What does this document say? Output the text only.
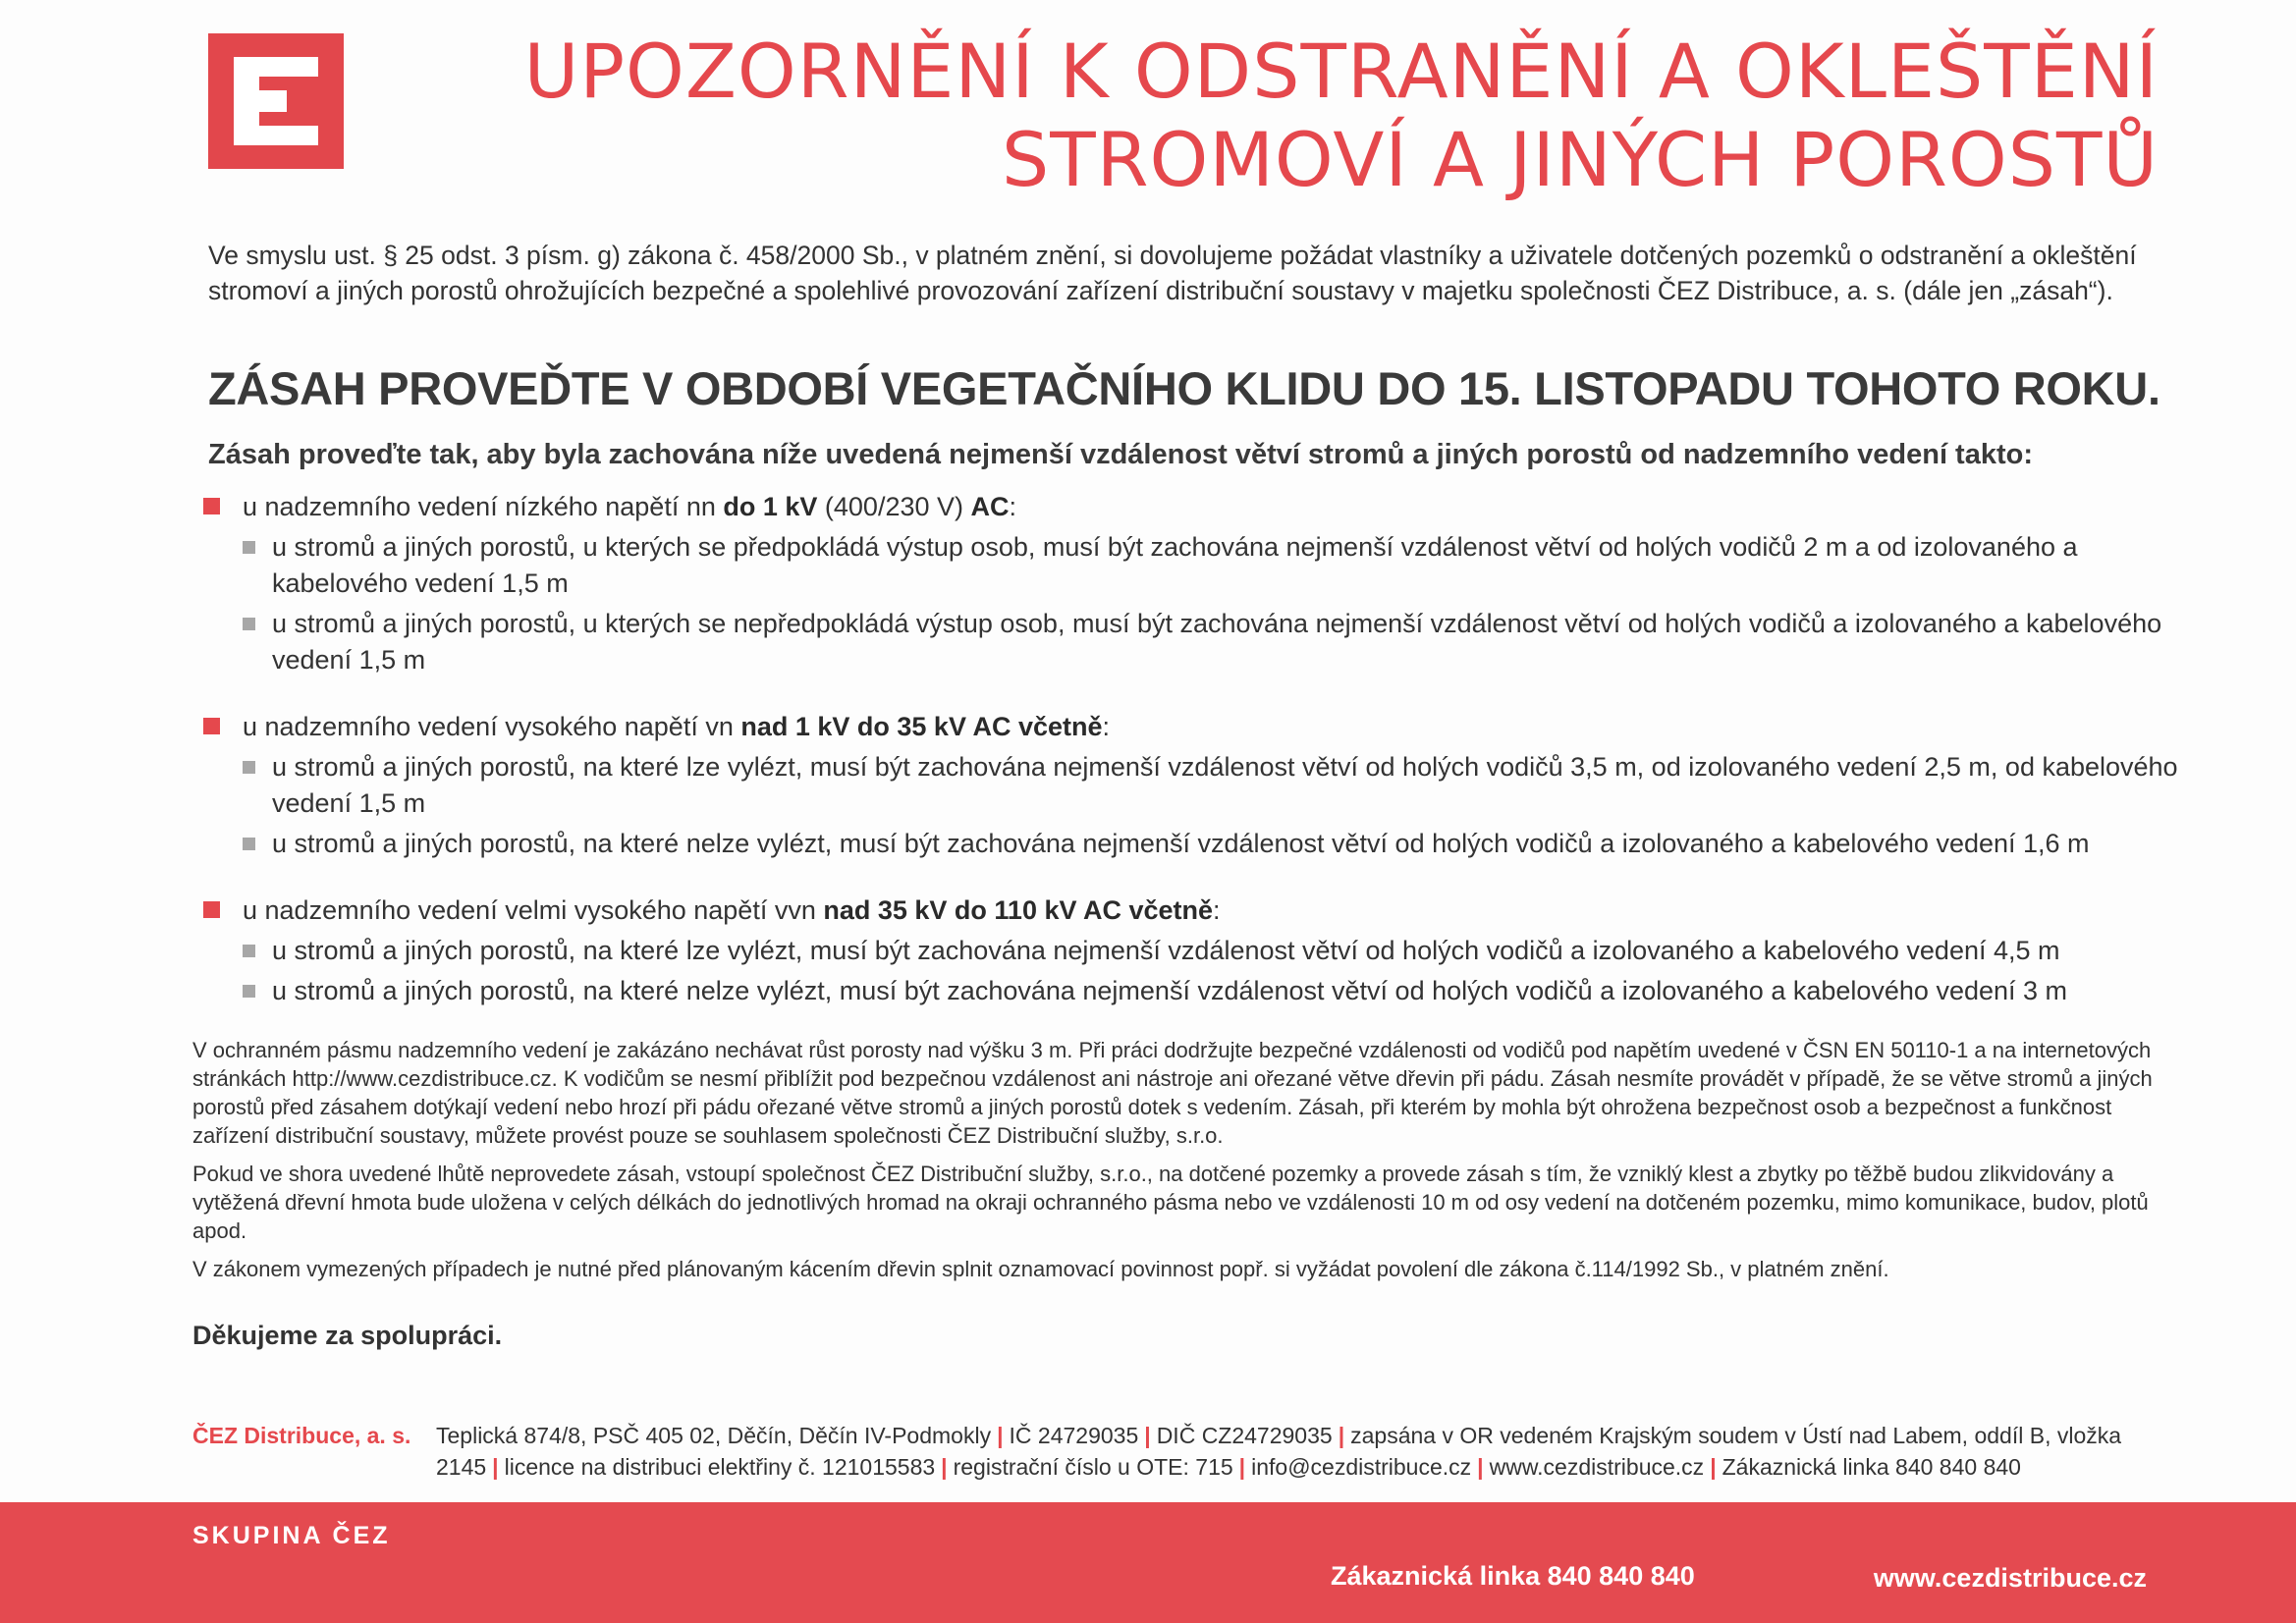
UPOZORNĚNÍ K ODSTRANĚNÍ A OKLEŠTĚNÍ
STROMOVÍ A JINÝCH POROSTŮ
Ve smyslu ust. § 25 odst. 3 písm. g) zákona č. 458/2000 Sb., v platném znění, si dovolujeme požádat vlastníky a uživatele dotčených pozemků o odstranění a okleštění stromoví a jiných porostů ohrožujících bezpečné a spolehlivé provozování zařízení distribuční soustavy v majetku společnosti ČEZ Distribuce, a. s. (dále jen „zásah“).
ZÁSAH PROVEĎTE V OBDOBÍ VEGETAČNÍHO KLIDU DO 15. LISTOPADU TOHOTO ROKU.
Zásah proveďte tak, aby byla zachována níže uvedená nejmenší vzdálenost větví stromů a jiných porostů od nadzemního vedení takto:
u nadzemního vedení nízkého napětí nn do 1 kV (400/230 V) AC:
u stromů a jiných porostů, u kterých se předpokládá výstup osob, musí být zachována nejmenší vzdálenost větví od holých vodičů 2 m a od izolovaného a kabelového vedení 1,5 m
u stromů a jiných porostů, u kterých se nepředpokládá výstup osob, musí být zachována nejmenší vzdálenost větví od holých vodičů a izolovaného a kabelového vedení 1,5 m
u nadzemního vedení vysokého napětí vn nad 1 kV do 35 kV AC včetně:
u stromů a jiných porostů, na které lze vylézt, musí být zachována nejmenší vzdálenost větví od holých vodičů 3,5 m, od izolovaného vedení 2,5 m, od kabelového vedení 1,5 m
u stromů a jiných porostů, na které nelze vylézt, musí být zachována nejmenší vzdálenost větví od holých vodičů a izolovaného a kabelového vedení 1,6 m
u nadzemního vedení velmi vysokého napětí vvn nad 35 kV do 110 kV AC včetně:
u stromů a jiných porostů, na které lze vylézt, musí být zachována nejmenší vzdálenost větví od holých vodičů a izolovaného a kabelového vedení 4,5 m
u stromů a jiných porostů, na které nelze vylézt, musí být zachována nejmenší vzdálenost větví od holých vodičů a izolovaného a kabelového vedení 3 m

V ochranném pásmu nadzemního vedení je zakázáno nechávat růst porosty nad výšku 3 m. Při práci dodržujte bezpečné vzdálenosti od vodičů pod napětím uvedené v ČSN EN 50110-1 a na internetových stránkách http://www.cezdistribuce.cz. K vodičům se nesmí přiblížit pod bezpečnou vzdálenost ani nástroje ani ořezané větve dřevin při pádu. Zásah nesmíte provádět v případě, že se větve stromů a jiných porostů před zásahem dotýkají vedení nebo hrozí při pádu ořezané větve stromů a jiných porostů dotek s vedením. Zásah, při kterém by mohla být ohrožena bezpečnost osob a bezpečnost a funkčnost zařízení distribuční soustavy, můžete provést pouze se souhlasem společnosti ČEZ Distribuční služby, s.r.o.

Pokud ve shora uvedené lhůtě neprovedete zásah, vstoupí společnost ČEZ Distribuční služby, s.r.o., na dotčené pozemky a provede zásah s tím, že vzniklý klest a zbytky po těžbě budou zlikvidovány a vytěžená dřevní hmota bude uložena v celých délkách do jednotlivých hromad na okraji ochranného pásma nebo ve vzdálenosti 10 m od osy vedení na dotčeném pozemku, mimo komunikace, budov, plotů apod.

V zákonem vymezených případech je nutné před plánovaným kácením dřevin splnit oznamovací povinnost popř. si vyžádat povolení dle zákona č.114/1992 Sb., v platném znění.

Děkujeme za spolupráci.
ČEZ Distribuce, a. s. Teplická 874/8, PSČ 405 02, Děčín, Děčín IV-Podmokly | IČ 24729035 | DIČ CZ24729035 | zapsána v OR vedeném Krajským soudem v Ústí nad Labem, oddíl B, vložka 2145 | licence na distribuci elektřiny č. 121015583 | registrační číslo u OTE: 715 | info@cezdistribuce.cz | www.cezdistribuce.cz | Zákaznická linka 840 840 840
SKUPINA ČEZ
Zákaznická linka 840 840 840	www.cezdistribuce.cz
